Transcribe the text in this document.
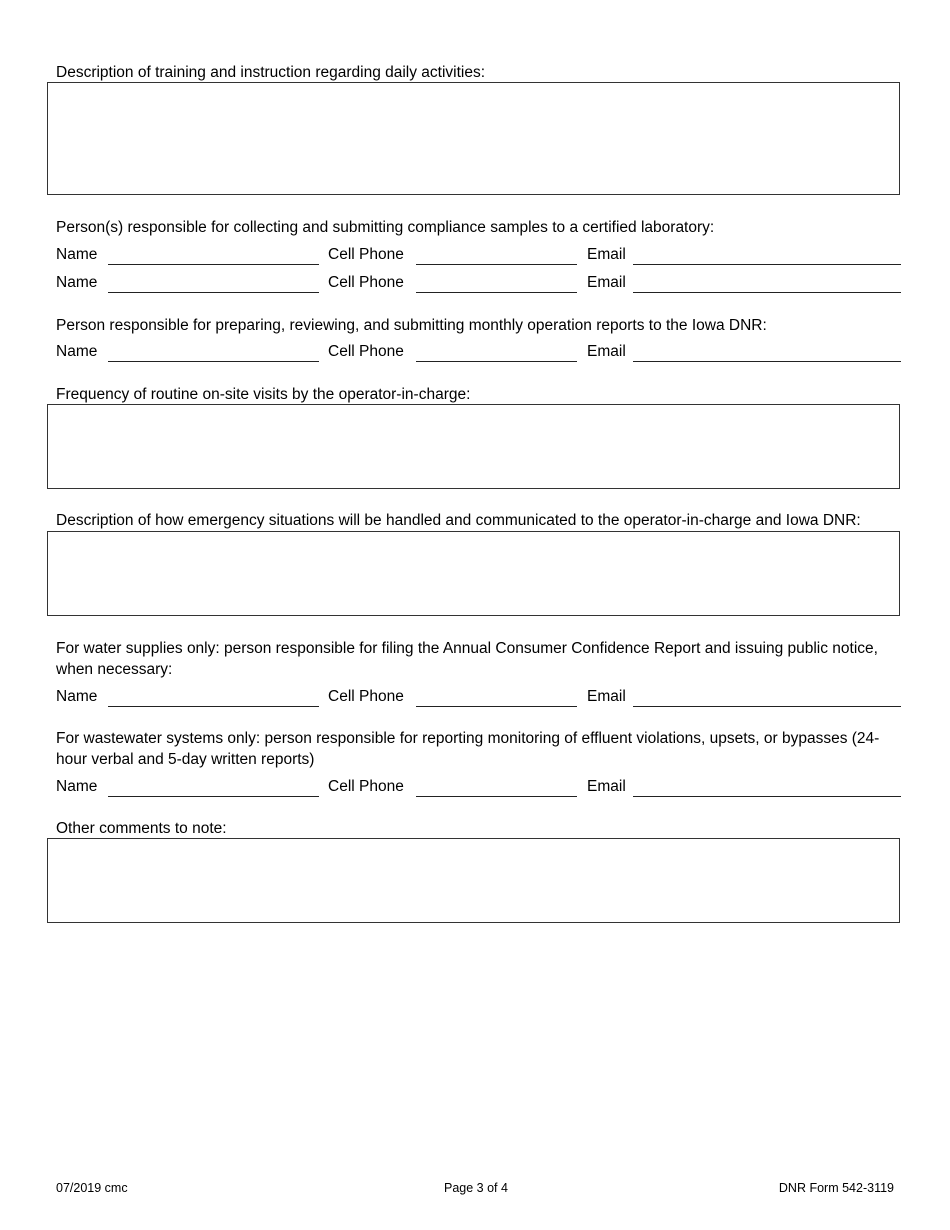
Description of training and instruction regarding daily activities:
Person(s) responsible for collecting and submitting compliance samples to a certified laboratory:
Name	Cell Phone	Email
Name	Cell Phone	Email
Person responsible for preparing, reviewing, and submitting monthly operation reports to the Iowa DNR:
Name	Cell Phone	Email
Frequency of routine on-site visits by the operator-in-charge:
Description of how emergency situations will be handled and communicated to the operator-in-charge and Iowa DNR:
For water supplies only: person responsible for filing the Annual Consumer Confidence Report and issuing public notice, when necessary:
Name	Cell Phone	Email
For wastewater systems only: person responsible for reporting monitoring of effluent violations, upsets, or bypasses (24-hour verbal and 5-day written reports)
Name	Cell Phone	Email
Other comments to note:
07/2019 cmc	Page 3 of 4	DNR Form 542-3119
